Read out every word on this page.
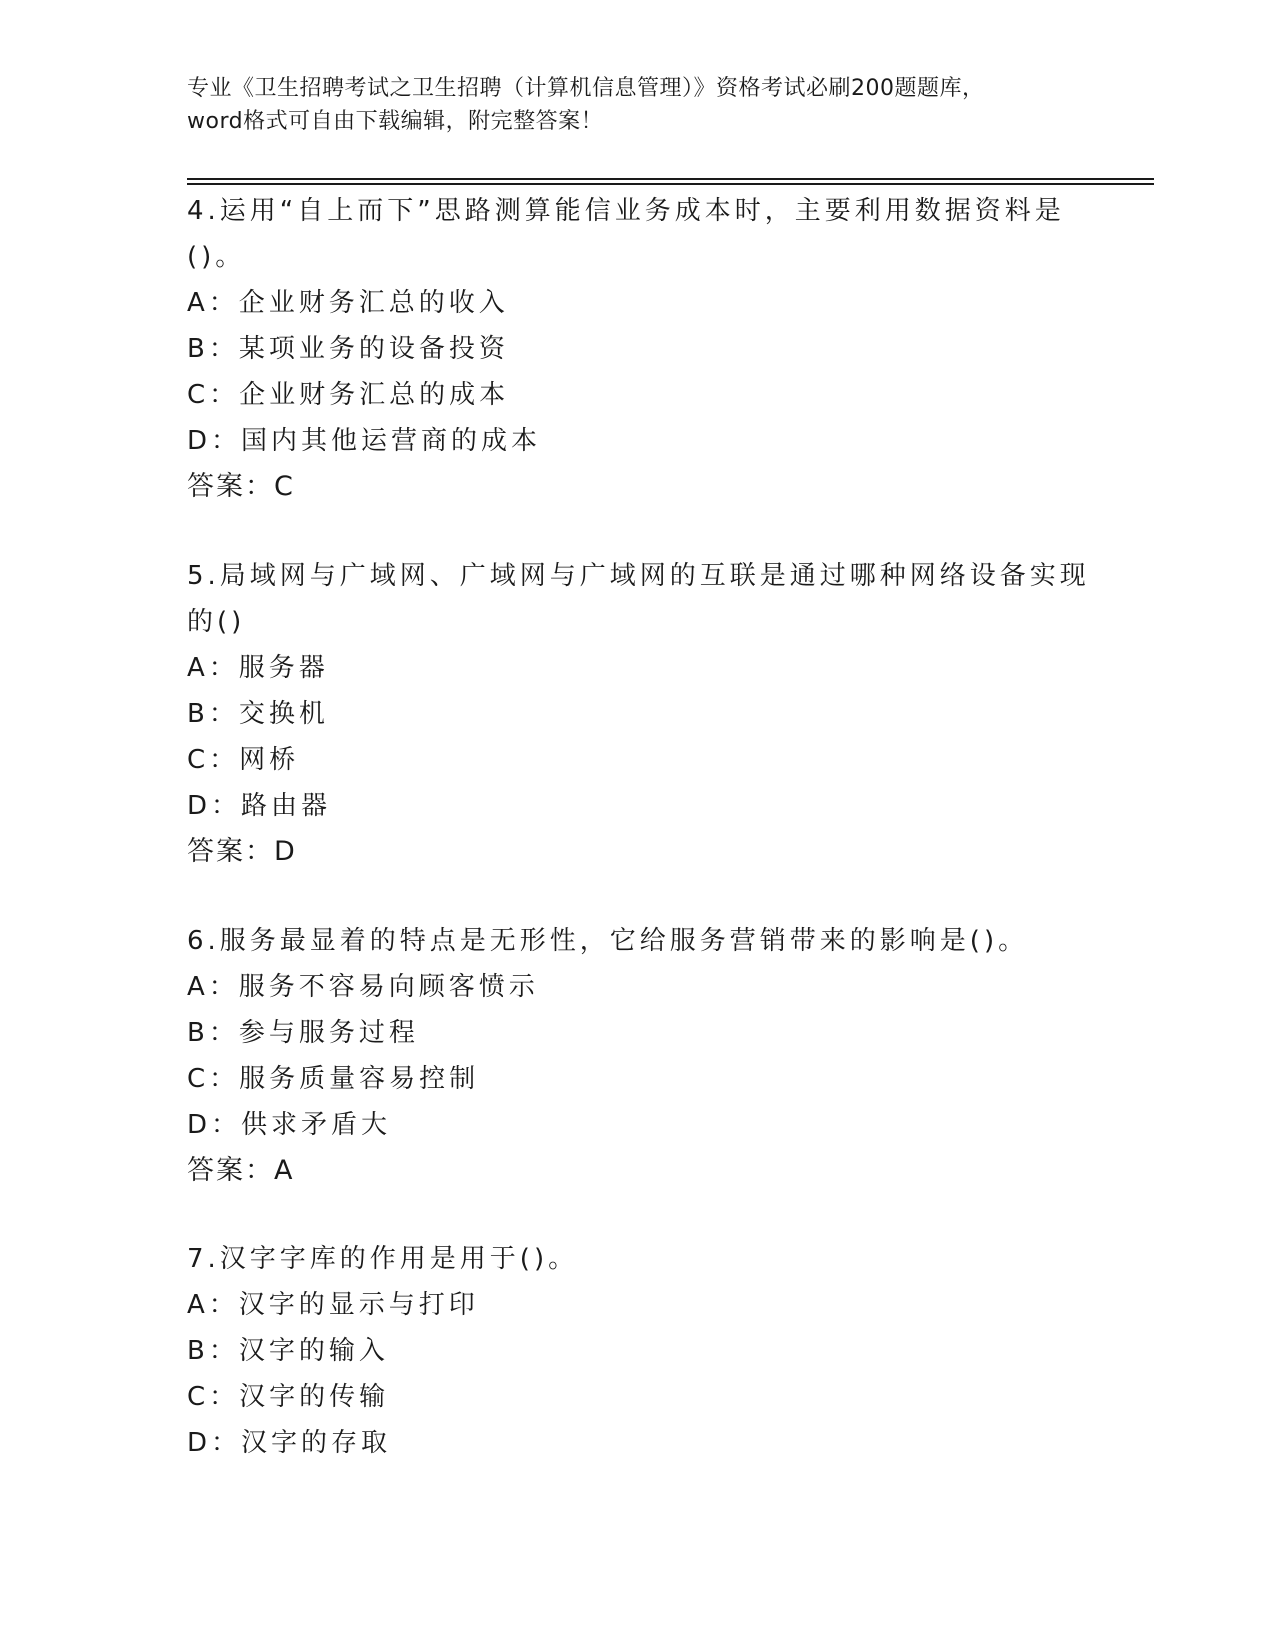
专业《卫生招聘考试之卫生招聘（计算机信息管理）》资格考试必刷200题题库，
word格式可自由下载编辑，附完整答案！
4.运用“自上而下”思路测算能信业务成本时，主要利用数据资料是
()。
A：企业财务汇总的收入
B：某项业务的设备投资
C：企业财务汇总的成本
D：国内其他运营商的成本
答案：C
5.局域网与广域网、广域网与广域网的互联是通过哪种网络设备实现
的()
A：服务器
B：交换机
C：网桥
D：路由器
答案：D
6.服务最显着的特点是无形性，它给服务营销带来的影响是()。
A：服务不容易向顾客愤示
B：参与服务过程
C：服务质量容易控制
D：供求矛盾大
答案：A
7.汉字字库的作用是用于()。
A：汉字的显示与打印
B：汉字的输入
C：汉字的传输
D：汉字的存取
